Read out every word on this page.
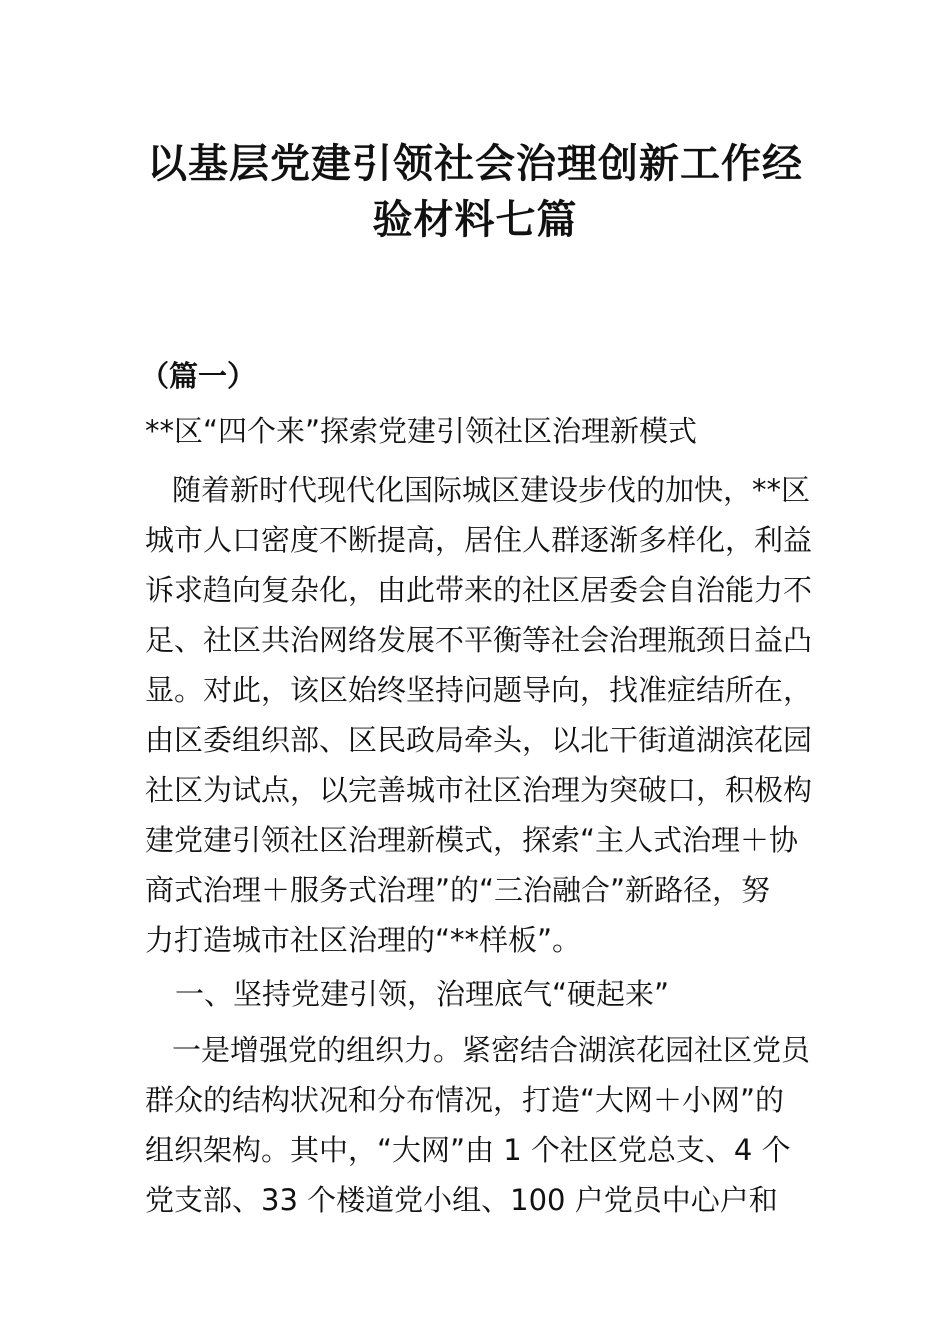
以基层党建引领社会治理创新工作经
验材料七篇
（篇一）
**区“四个来”探索党建引领社区治理新模式
随着新时代现代化国际城区建设步伐的加快，**区
城市人口密度不断提高，居住人群逐渐多样化，利益
诉求趋向复杂化，由此带来的社区居委会自治能力不
足、社区共治网络发展不平衡等社会治理瓶颈日益凸
显。对此，该区始终坚持问题导向，找准症结所在，
由区委组织部、区民政局牵头，以北干街道湖滨花园
社区为试点，以完善城市社区治理为突破口，积极构
建党建引领社区治理新模式，探索“主人式治理＋协
商式治理＋服务式治理”的“三治融合”新路径，努
力打造城市社区治理的“**样板”。
一、坚持党建引领，治理底气“硬起来”
一是增强党的组织力。紧密结合湖滨花园社区党员
群众的结构状况和分布情况，打造“大网＋小网”的
组织架构。其中，“大网”由 1 个社区党总支、4 个
党支部、33 个楼道党小组、100 户党员中心户和
